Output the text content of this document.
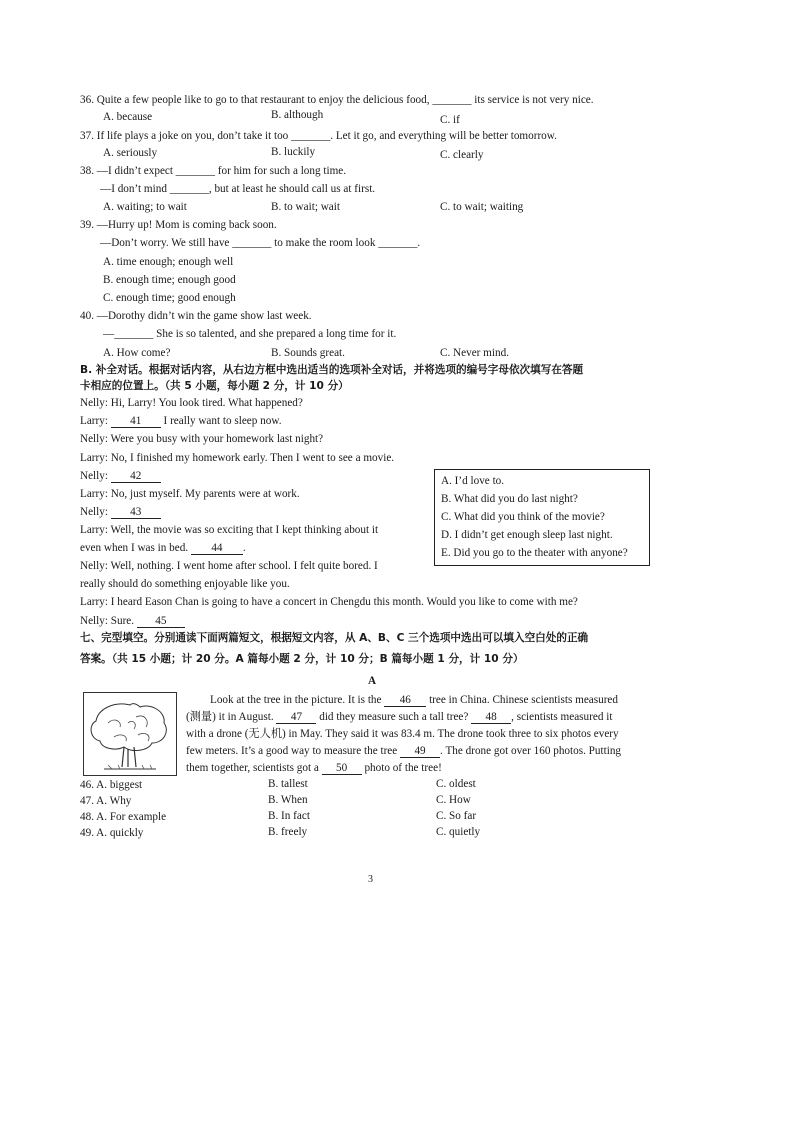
36. Quite a few people like to go to that restaurant to enjoy the delicious food, _______ its service is not very nice.
A. because	B. although	C. if
37. If life plays a joke on you, don’t take it too _______. Let it go, and everything will be better tomorrow.
A. seriously	B. luckily	C. clearly
38. —I didn’t expect _______ for him for such a long time.
—I don’t mind _______, but at least he should call us at first.
A. waiting; to wait	B. to wait; wait	C. to wait; waiting
39. —Hurry up! Mom is coming back soon.
—Don’t worry. We still have _______ to make the room look _______.
A. time enough; enough well
B. enough time; enough good
C. enough time; good enough
40. —Dorothy didn’t win the game show last week.
—_______ She is so talented, and she prepared a long time for it.
A. How come?	B. Sounds great.	C. Never mind.
B. 补全对话。根据对话内容，从右边方框中选出适当的选项补全对话，并将选项的编号字母依次填写在答题
卡相应的位置上。（共 5 小题，每小题 2 分，计 10 分）
Nelly: Hi, Larry! You look tired. What happened?
Larry: 41 I really want to sleep now.
Nelly: Were you busy with your homework last night?
Larry: No, I finished my homework early. Then I went to see a movie.
Nelly: 42
Larry: No, just myself. My parents were at work.
Nelly: 43
Larry: Well, the movie was so exciting that I kept thinking about it
even when I was in bed. 44 .
Nelly: Well, nothing. I went home after school. I felt quite bored. I
really should do something enjoyable like you.
Larry: I heard Eason Chan is going to have a concert in Chengdu this month. Would you like to come with me?
Nelly: Sure. 45
A. I’d love to.
B. What did you do last night?
C. What did you think of the movie?
D. I didn’t get enough sleep last night.
E. Did you go to the theater with anyone?
七、完型填空。分别通读下面两篇短文，根据短文内容，从 A、B、C 三个选项中选出可以填入空白处的正确
答案。（共 15 小题；计 20 分。A 篇每小题 2 分，计 10 分；B 篇每小题 1 分，计 10 分）
A
Look at the tree in the picture. It is the 46 tree in China. Chinese scientists measured
(测量) it in August. 47 did they measure such a tall tree? 48 , scientists measured it
with a drone (无人机) in May. They said it was 83.4 m. The drone took three to six photos every
few meters. It’s a good way to measure the tree 49 . The drone got over 160 photos. Putting
them together, scientists got a 50 photo of the tree!
46. A. biggest	B. tallest	C. oldest
47. A. Why	B. When	C. How
48. A. For example	B. In fact	C. So far
49. A. quickly	B. freely	C. quietly
3
